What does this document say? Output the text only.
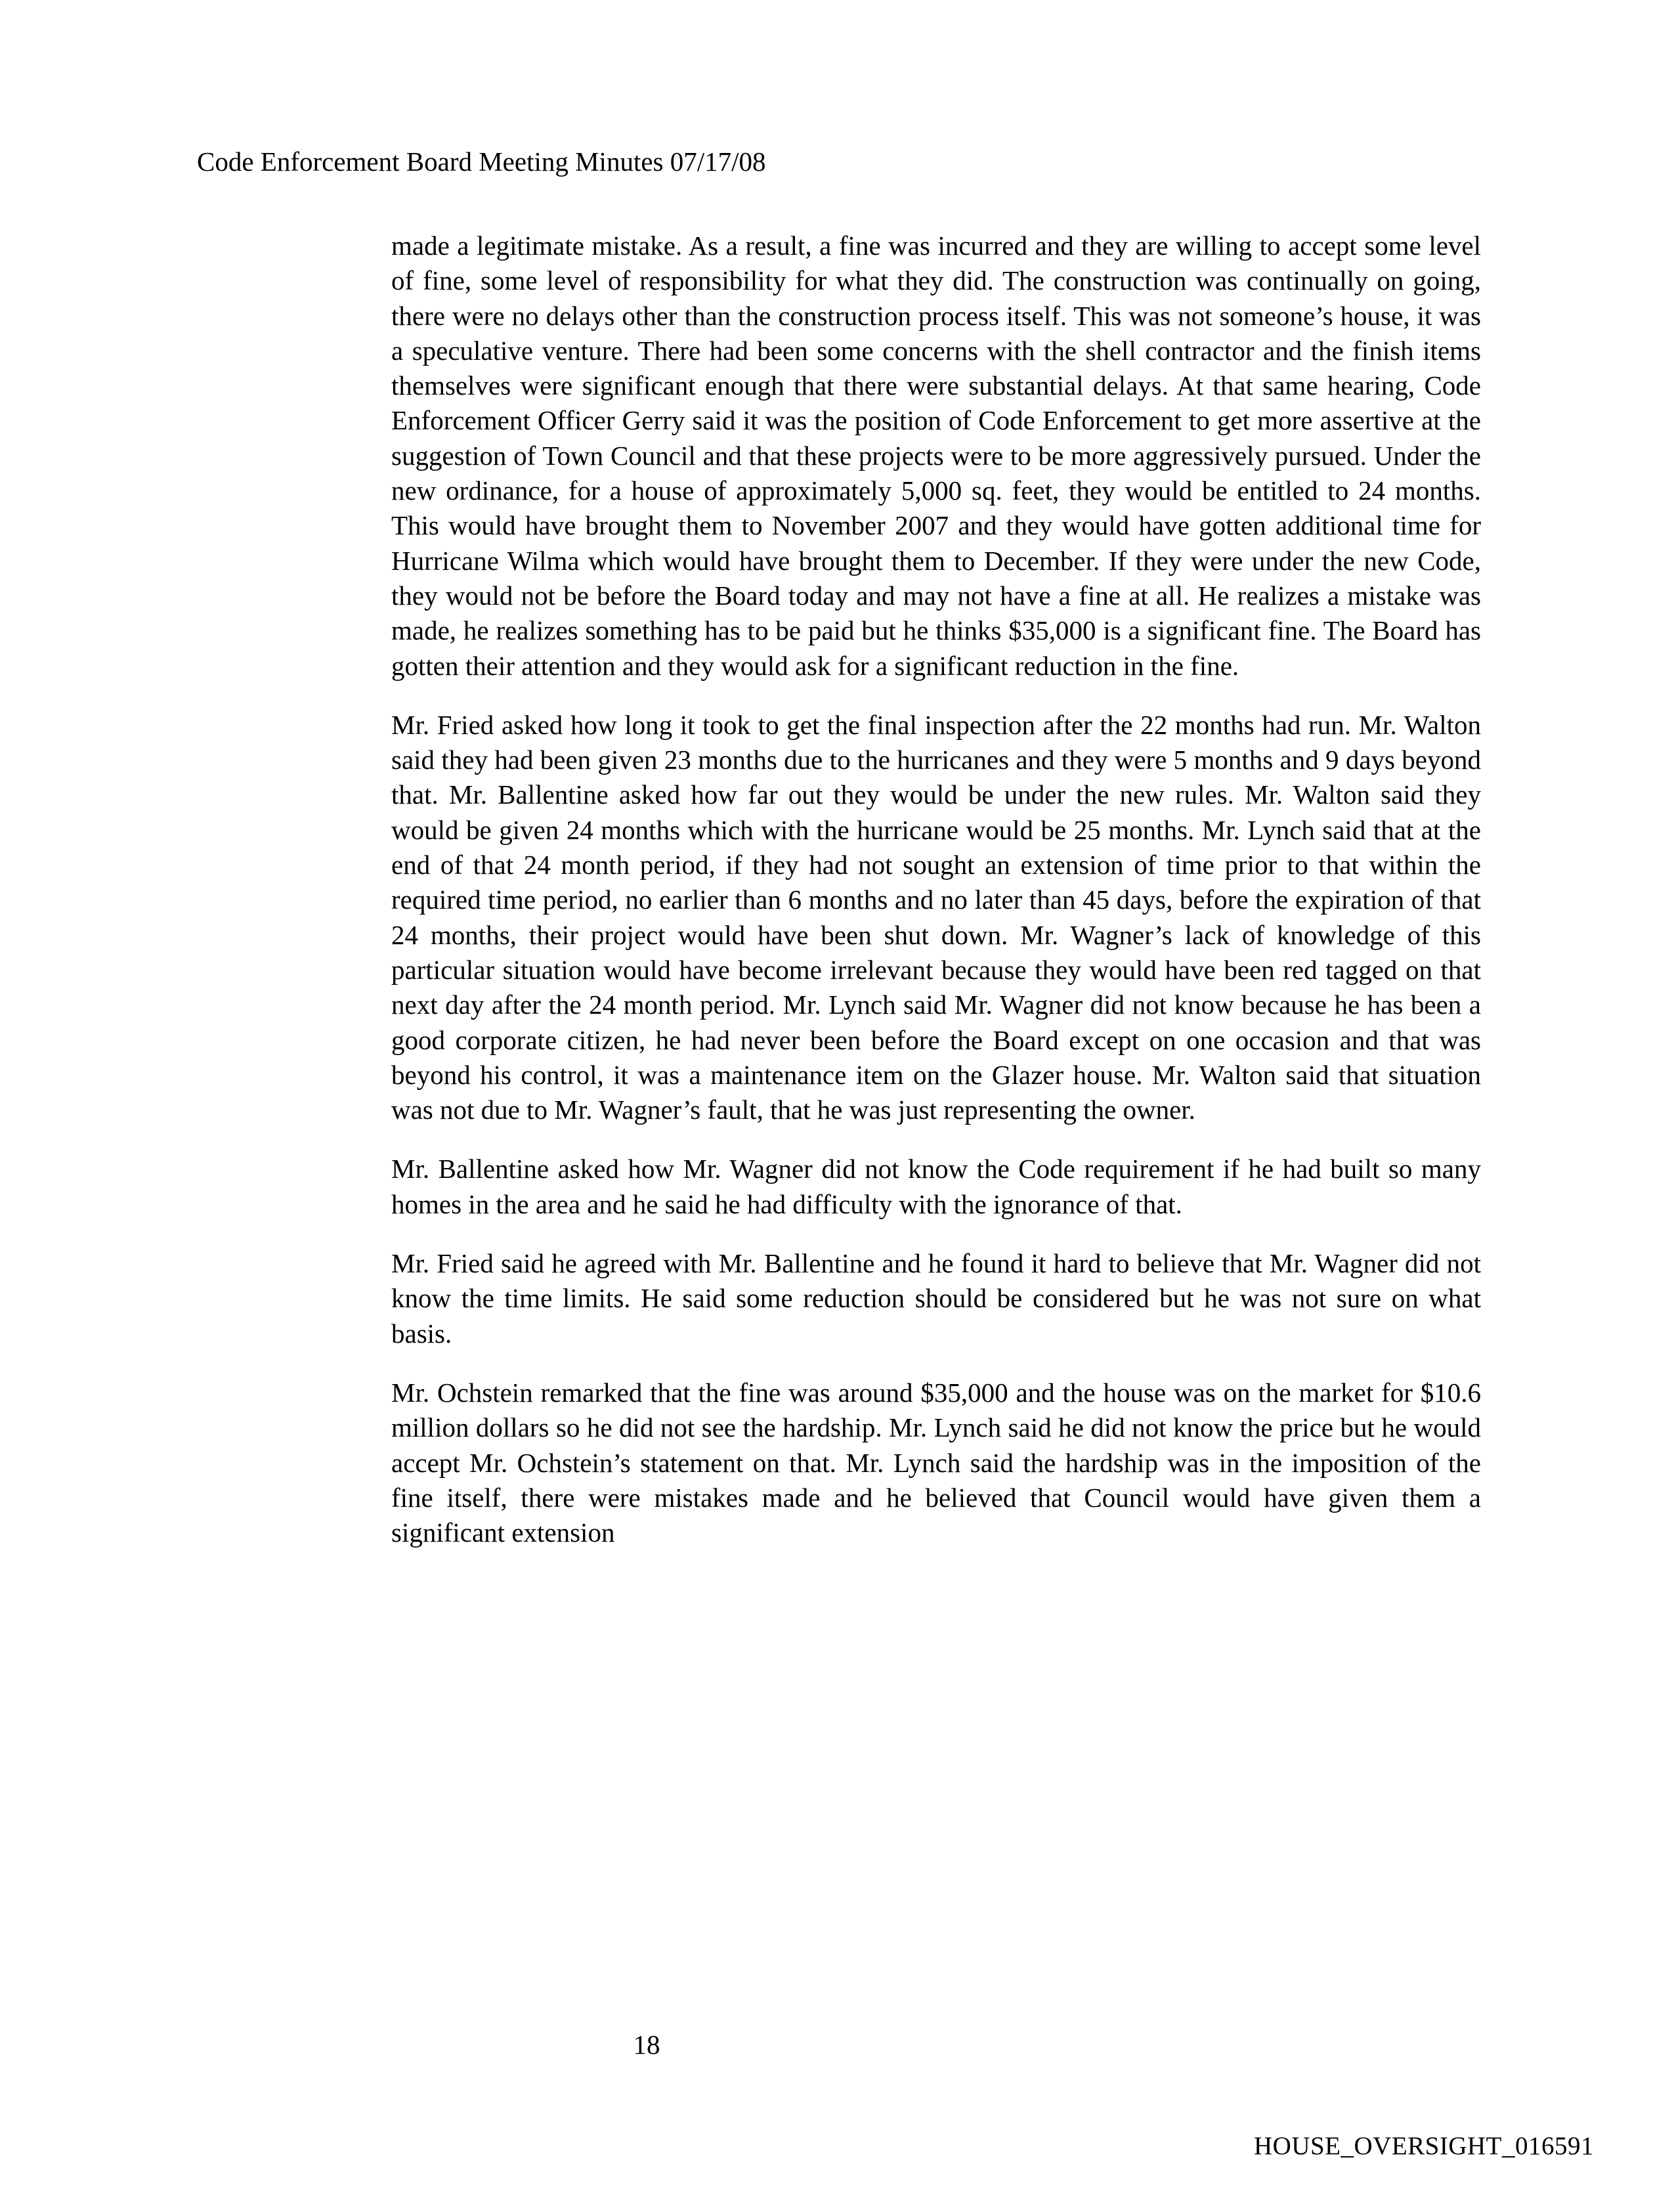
Code Enforcement Board Meeting Minutes 07/17/08

made a legitimate mistake. As a result, a fine was incurred and they are willing to accept some level of fine, some level of responsibility for what they did. The construction was continually on going, there were no delays other than the construction process itself. This was not someone’s house, it was a speculative venture. There had been some concerns with the shell contractor and the finish items themselves were significant enough that there were substantial delays. At that same hearing, Code Enforcement Officer Gerry said it was the position of Code Enforcement to get more assertive at the suggestion of Town Council and that these projects were to be more aggressively pursued. Under the new ordinance, for a house of approximately 5,000 sq. feet, they would be entitled to 24 months. This would have brought them to November 2007 and they would have gotten additional time for Hurricane Wilma which would have brought them to December. If they were under the new Code, they would not be before the Board today and may not have a fine at all. He realizes a mistake was made, he realizes something has to be paid but he thinks $35,000 is a significant fine. The Board has gotten their attention and they would ask for a significant reduction in the fine.

Mr. Fried asked how long it took to get the final inspection after the 22 months had run. Mr. Walton said they had been given 23 months due to the hurricanes and they were 5 months and 9 days beyond that. Mr. Ballentine asked how far out they would be under the new rules. Mr. Walton said they would be given 24 months which with the hurricane would be 25 months. Mr. Lynch said that at the end of that 24 month period, if they had not sought an extension of time prior to that within the required time period, no earlier than 6 months and no later than 45 days, before the expiration of that 24 months, their project would have been shut down. Mr. Wagner’s lack of knowledge of this particular situation would have become irrelevant because they would have been red tagged on that next day after the 24 month period. Mr. Lynch said Mr. Wagner did not know because he has been a good corporate citizen, he had never been before the Board except on one occasion and that was beyond his control, it was a maintenance item on the Glazer house. Mr. Walton said that situation was not due to Mr. Wagner’s fault, that he was just representing the owner.

Mr. Ballentine asked how Mr. Wagner did not know the Code requirement if he had built so many homes in the area and he said he had difficulty with the ignorance of that.

Mr. Fried said he agreed with Mr. Ballentine and he found it hard to believe that Mr. Wagner did not know the time limits. He said some reduction should be considered but he was not sure on what basis.

Mr. Ochstein remarked that the fine was around $35,000 and the house was on the market for $10.6 million dollars so he did not see the hardship. Mr. Lynch said he did not know the price but he would accept Mr. Ochstein’s statement on that. Mr. Lynch said the hardship was in the imposition of the fine itself, there were mistakes made and he believed that Council would have given them a significant extension

18
HOUSE_OVERSIGHT_016591
